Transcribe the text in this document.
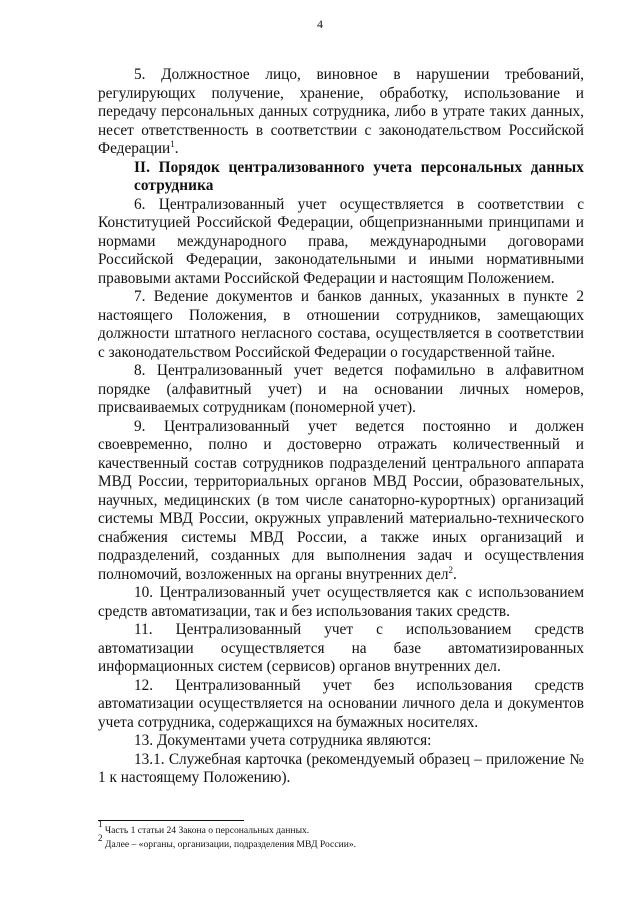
4

5. Должностное лицо, виновное в нарушении требований, регулирующих получение, хранение, обработку, использование и передачу персональных данных сотрудника, либо в утрате таких данных, несет ответственность в соответствии с законодательством Российской Федерации$^1$.

II. Порядок централизованного учета персональных данных сотрудника

6. Централизованный учет осуществляется в соответствии с Конституцией Российской Федерации, общепризнанными принципами и нормами международного права, международными договорами Российской Федерации, законодательными и иными нормативными правовыми актами Российской Федерации и настоящим Положением.

7. Ведение документов и банков данных, указанных в пункте 2 настоящего Положения, в отношении сотрудников, замещающих должности штатного негласного состава, осуществляется в соответствии с законодательством Российской Федерации о государственной тайне.

8. Централизованный учет ведется пофамильно в алфавитном порядке (алфавитный учет) и на основании личных номеров, присваиваемых сотрудникам (пономерной учет).

9. Централизованный учет ведется постоянно и должен своевременно, полно и достоверно отражать количественный и качественный состав сотрудников подразделений центрального аппарата МВД России, территориальных органов МВД России, образовательных, научных, медицинских (в том числе санаторно-курортных) организаций системы МВД России, окружных управлений материально-технического снабжения системы МВД России, а также иных организаций и подразделений, созданных для выполнения задач и осуществления полномочий, возложенных на органы внутренних дел$^2$.

10. Централизованный учет осуществляется как с использованием средств автоматизации, так и без использования таких средств.

11. Централизованный учет с использованием средств автоматизации осуществляется на базе автоматизированных информационных систем (сервисов) органов внутренних дел.

12. Централизованный учет без использования средств автоматизации осуществляется на основании личного дела и документов учета сотрудника, содержащихся на бумажных носителях.

13. Документами учета сотрудника являются:

13.1. Служебная карточка (рекомендуемый образец – приложение № 1 к настоящему Положению).

$^1$ Часть 1 статьи 24 Закона о персональных данных.
$^2$ Далее – «органы, организации, подразделения МВД России».
